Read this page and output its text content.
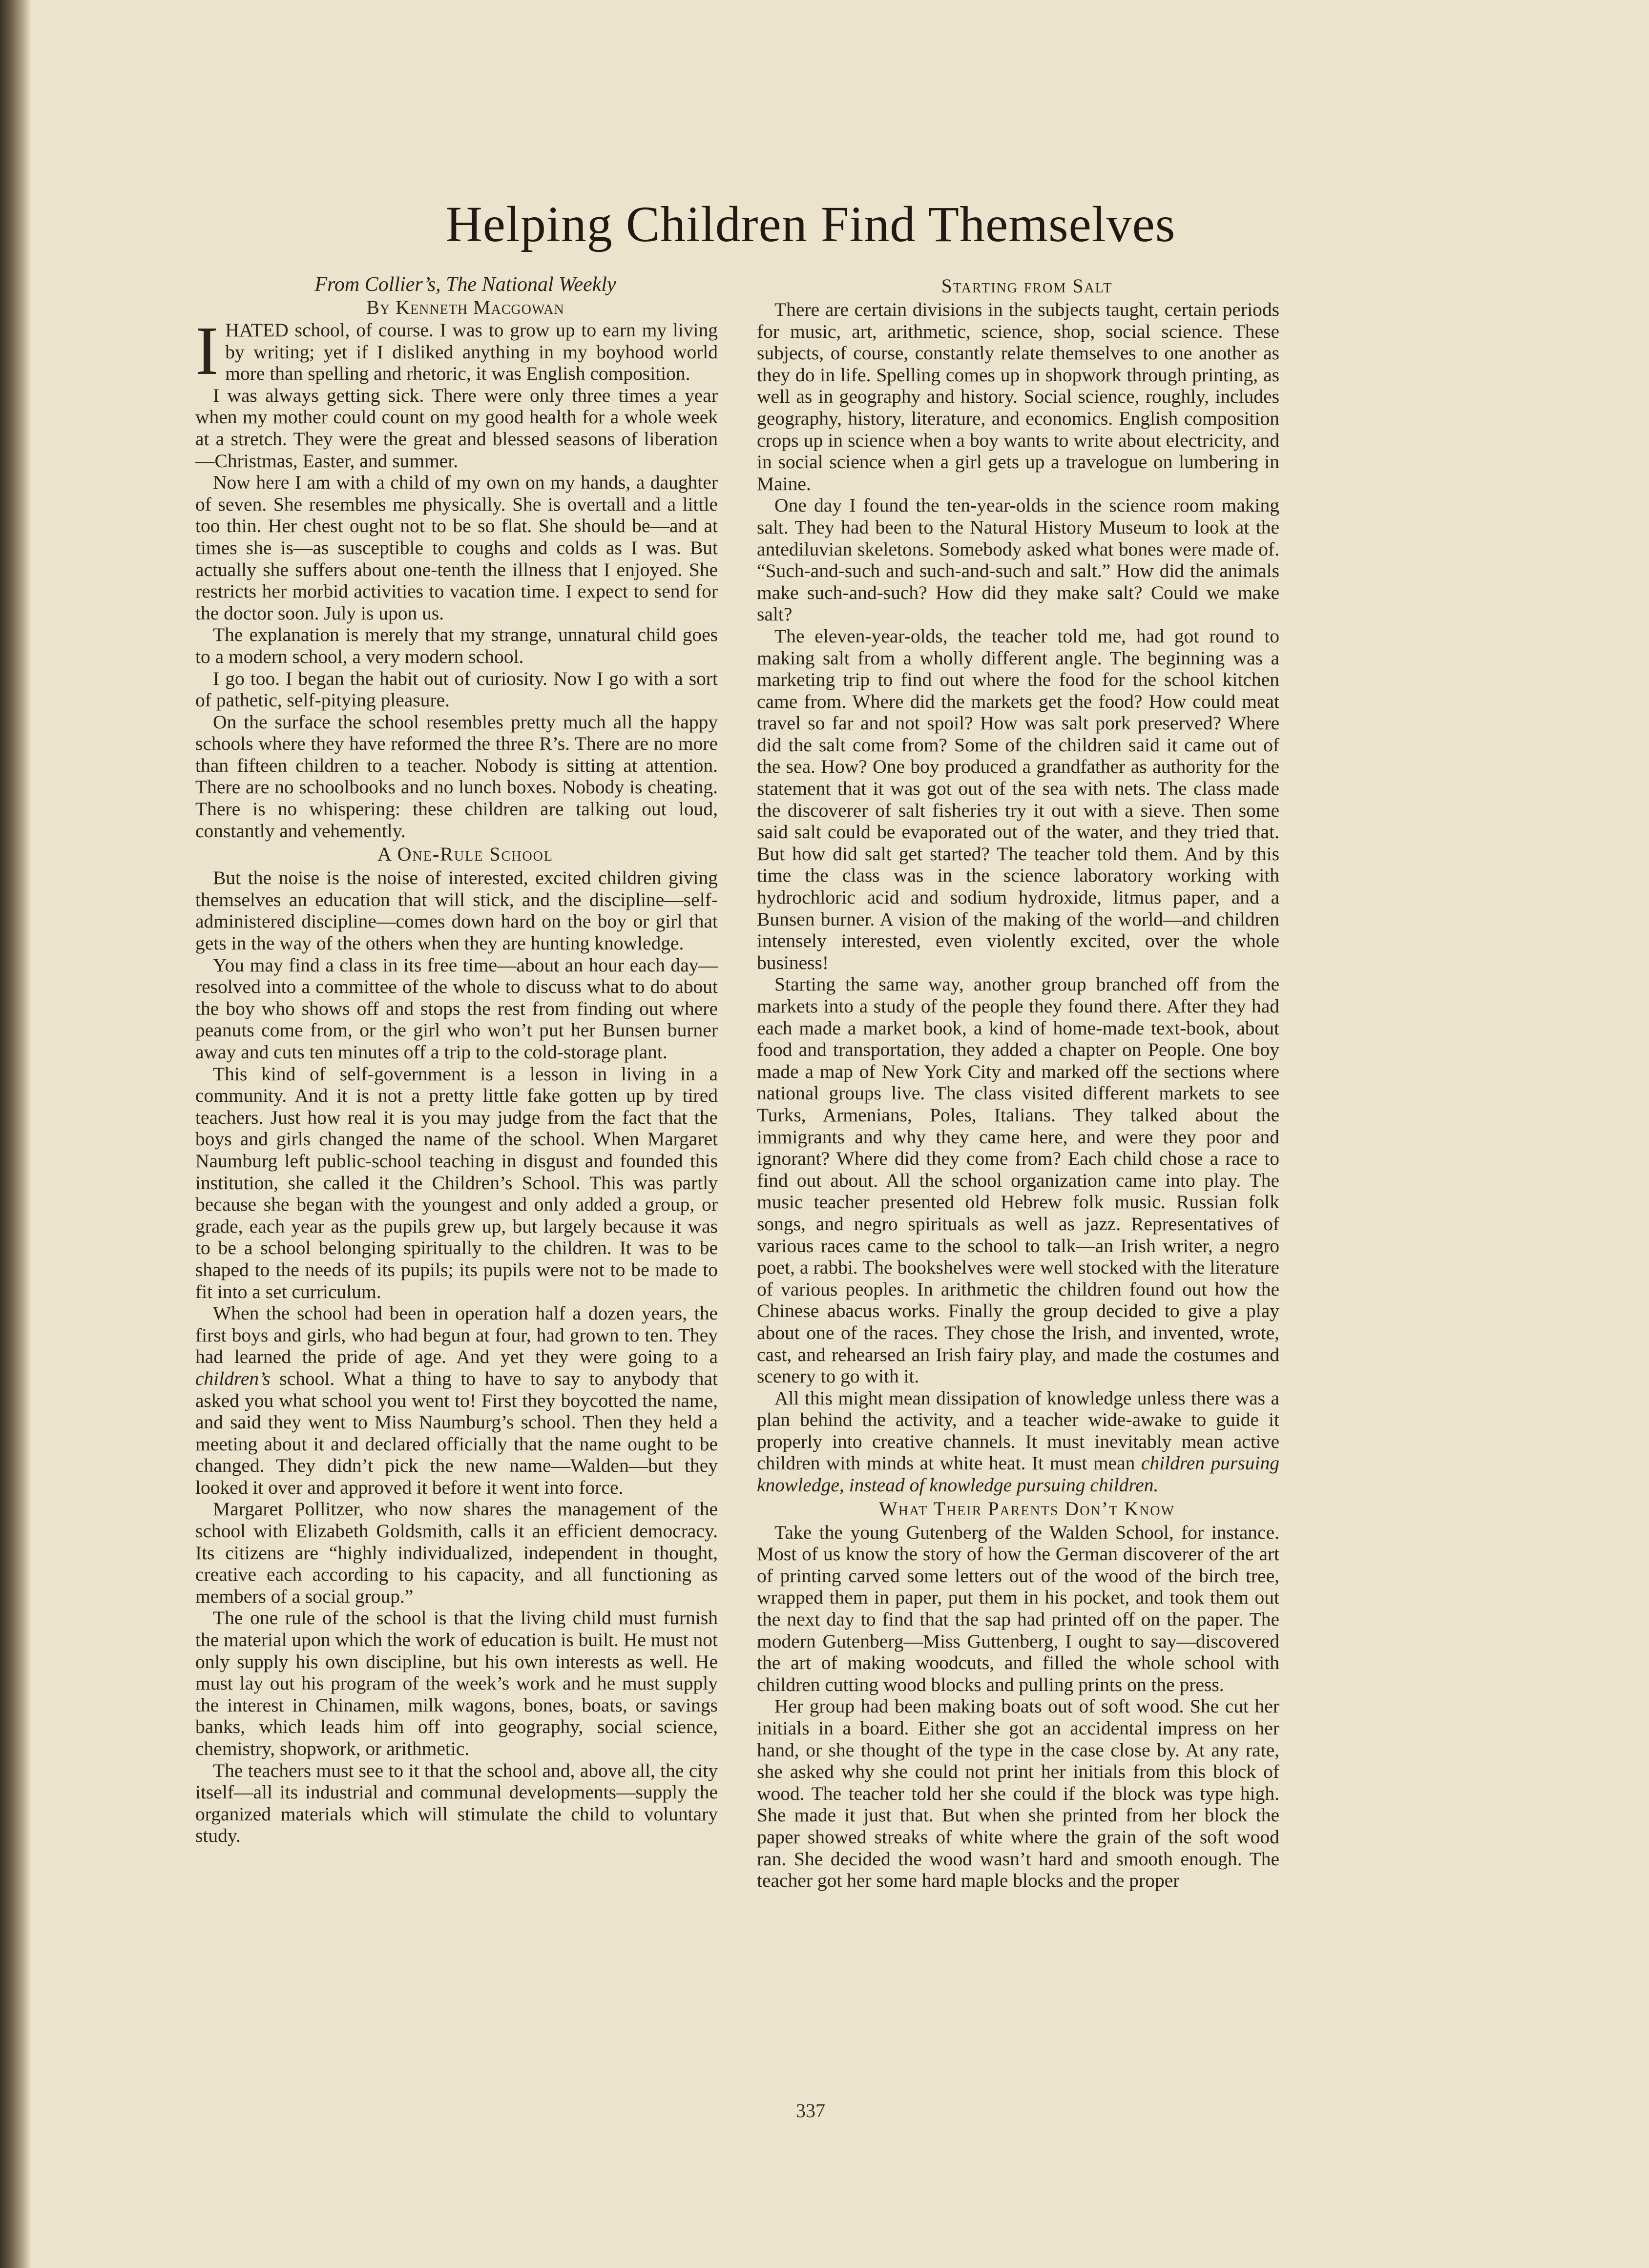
Helping Children Find Themselves

From Collier’s, The National Weekly

By Kenneth Macgowan

IHATED school, of course. I was to grow up to earn my living by writing; yet if I disliked anything in my boyhood world more than spelling and rhetoric, it was English composition.

I was always getting sick. There were only three times a year when my mother could count on my good health for a whole week at a stretch. They were the great and blessed seasons of liberation—Christmas, Easter, and summer.

Now here I am with a child of my own on my hands, a daughter of seven. She resembles me physically. She is overtall and a little too thin. Her chest ought not to be so flat. She should be—and at times she is—as susceptible to coughs and colds as I was. But actually she suffers about one-tenth the illness that I enjoyed. She restricts her morbid activities to vacation time. I expect to send for the doctor soon. July is upon us.

The explanation is merely that my strange, unnatural child goes to a modern school, a very modern school.

I go too. I began the habit out of curiosity. Now I go with a sort of pathetic, self-pitying pleasure.

On the surface the school resembles pretty much all the happy schools where they have reformed the three R’s. There are no more than fifteen children to a teacher. Nobody is sitting at attention. There are no schoolbooks and no lunch boxes. Nobody is cheating. There is no whispering: these children are talking out loud, constantly and vehemently.

A One-Rule School

But the noise is the noise of interested, excited children giving themselves an education that will stick, and the discipline—self-administered discipline—comes down hard on the boy or girl that gets in the way of the others when they are hunting knowledge.

You may find a class in its free time—about an hour each day—resolved into a committee of the whole to discuss what to do about the boy who shows off and stops the rest from finding out where peanuts come from, or the girl who won’t put her Bunsen burner away and cuts ten minutes off a trip to the cold-storage plant.

This kind of self-government is a lesson in living in a community. And it is not a pretty little fake gotten up by tired teachers. Just how real it is you may judge from the fact that the boys and girls changed the name of the school. When Margaret Naumburg left public-school teaching in disgust and founded this institution, she called it the Children’s School. This was partly because she began with the youngest and only added a group, or grade, each year as the pupils grew up, but largely because it was to be a school belonging spiritually to the children. It was to be shaped to the needs of its pupils; its pupils were not to be made to fit into a set curriculum.

When the school had been in operation half a dozen years, the first boys and girls, who had begun at four, had grown to ten. They had learned the pride of age. And yet they were going to a children’s school. What a thing to have to say to anybody that asked you what school you went to! First they boycotted the name, and said they went to Miss Naumburg’s school. Then they held a meeting about it and declared officially that the name ought to be changed. They didn’t pick the new name—Walden—but they looked it over and approved it before it went into force.

Margaret Pollitzer, who now shares the management of the school with Elizabeth Goldsmith, calls it an efficient democracy. Its citizens are “highly individualized, independent in thought, creative each according to his capacity, and all functioning as members of a social group.”

The one rule of the school is that the living child must furnish the material upon which the work of education is built. He must not only supply his own discipline, but his own interests as well. He must lay out his program of the week’s work and he must supply the interest in Chinamen, milk wagons, bones, boats, or savings banks, which leads him off into geography, social science, chemistry, shopwork, or arithmetic.

The teachers must see to it that the school and, above all, the city itself—all its industrial and communal developments—supply the organized materials which will stimulate the child to voluntary study.

Starting from Salt

There are certain divisions in the subjects taught, certain periods for music, art, arithmetic, science, shop, social science. These subjects, of course, constantly relate themselves to one another as they do in life. Spelling comes up in shopwork through printing, as well as in geography and history. Social science, roughly, includes geography, history, literature, and economics. English composition crops up in science when a boy wants to write about electricity, and in social science when a girl gets up a travelogue on lumbering in Maine.

One day I found the ten-year-olds in the science room making salt. They had been to the Natural History Museum to look at the antediluvian skeletons. Somebody asked what bones were made of. “Such-and-such and such-and-such and salt.” How did the animals make such-and-such? How did they make salt? Could we make salt?

The eleven-year-olds, the teacher told me, had got round to making salt from a wholly different angle. The beginning was a marketing trip to find out where the food for the school kitchen came from. Where did the markets get the food? How could meat travel so far and not spoil? How was salt pork preserved? Where did the salt come from? Some of the children said it came out of the sea. How? One boy produced a grandfather as authority for the statement that it was got out of the sea with nets. The class made the discoverer of salt fisheries try it out with a sieve. Then some said salt could be evaporated out of the water, and they tried that. But how did salt get started? The teacher told them. And by this time the class was in the science laboratory working with hydrochloric acid and sodium hydroxide, litmus paper, and a Bunsen burner. A vision of the making of the world—and children intensely interested, even violently excited, over the whole business!

Starting the same way, another group branched off from the markets into a study of the people they found there. After they had each made a market book, a kind of home-made text-book, about food and transportation, they added a chapter on People. One boy made a map of New York City and marked off the sections where national groups live. The class visited different markets to see Turks, Armenians, Poles, Italians. They talked about the immigrants and why they came here, and were they poor and ignorant? Where did they come from? Each child chose a race to find out about. All the school organization came into play. The music teacher presented old Hebrew folk music. Russian folk songs, and negro spirituals as well as jazz. Representatives of various races came to the school to talk—an Irish writer, a negro poet, a rabbi. The bookshelves were well stocked with the literature of various peoples. In arithmetic the children found out how the Chinese abacus works. Finally the group decided to give a play about one of the races. They chose the Irish, and invented, wrote, cast, and rehearsed an Irish fairy play, and made the costumes and scenery to go with it.

All this might mean dissipation of knowledge unless there was a plan behind the activity, and a teacher wide-awake to guide it properly into creative channels. It must inevitably mean active children with minds at white heat. It must mean children pursuing knowledge, instead of knowledge pursuing children.

What Their Parents Don’t Know

Take the young Gutenberg of the Walden School, for instance. Most of us know the story of how the German discoverer of the art of printing carved some letters out of the wood of the birch tree, wrapped them in paper, put them in his pocket, and took them out the next day to find that the sap had printed off on the paper. The modern Gutenberg—Miss Guttenberg, I ought to say—discovered the art of making woodcuts, and filled the whole school with children cutting wood blocks and pulling prints on the press.

Her group had been making boats out of soft wood. She cut her initials in a board. Either she got an accidental impress on her hand, or she thought of the type in the case close by. At any rate, she asked why she could not print her initials from this block of wood. The teacher told her she could if the block was type high. She made it just that. But when she printed from her block the paper showed streaks of white where the grain of the soft wood ran. She decided the wood wasn’t hard and smooth enough. The teacher got her some hard maple blocks and the proper

337
